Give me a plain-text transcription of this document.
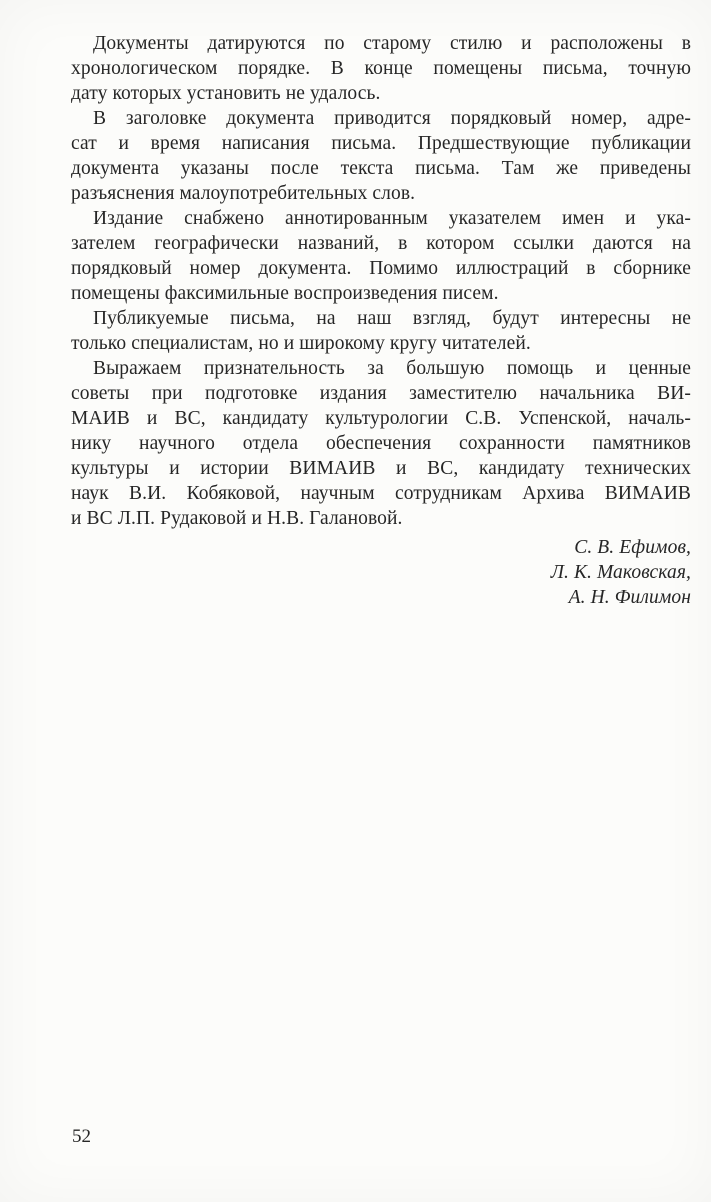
Документы датируются по старому стилю и расположены в
хронологическом порядке. В конце помещены письма, точную
дату которых установить не удалось.

В заголовке документа приводится порядковый номер, адре-
сат и время написания письма. Предшествующие публикации
документа указаны после текста письма. Там же приведены
разъяснения малоупотребительных слов.

Издание снабжено аннотированным указателем имен и ука-
зателем географически названий, в котором ссылки даются на
порядковый номер документа. Помимо иллюстраций в сборнике
помещены факсимильные воспроизведения писем.

Публикуемые письма, на наш взгляд, будут интересны не
только специалистам, но и широкому кругу читателей.

Выражаем признательность за большую помощь и ценные
советы при подготовке издания заместителю начальника ВИ-
МАИВ и ВС, кандидату культурологии С.В. Успенской, началь-
нику научного отдела обеспечения сохранности памятников
культуры и истории ВИМАИВ и ВС, кандидату технических
наук В.И. Кобяковой, научным сотрудникам Архива ВИМАИВ
и ВС Л.П. Рудаковой и Н.В. Галановой.

С. В. Ефимов,
Л. К. Маковская,
А. Н. Филимон
52
